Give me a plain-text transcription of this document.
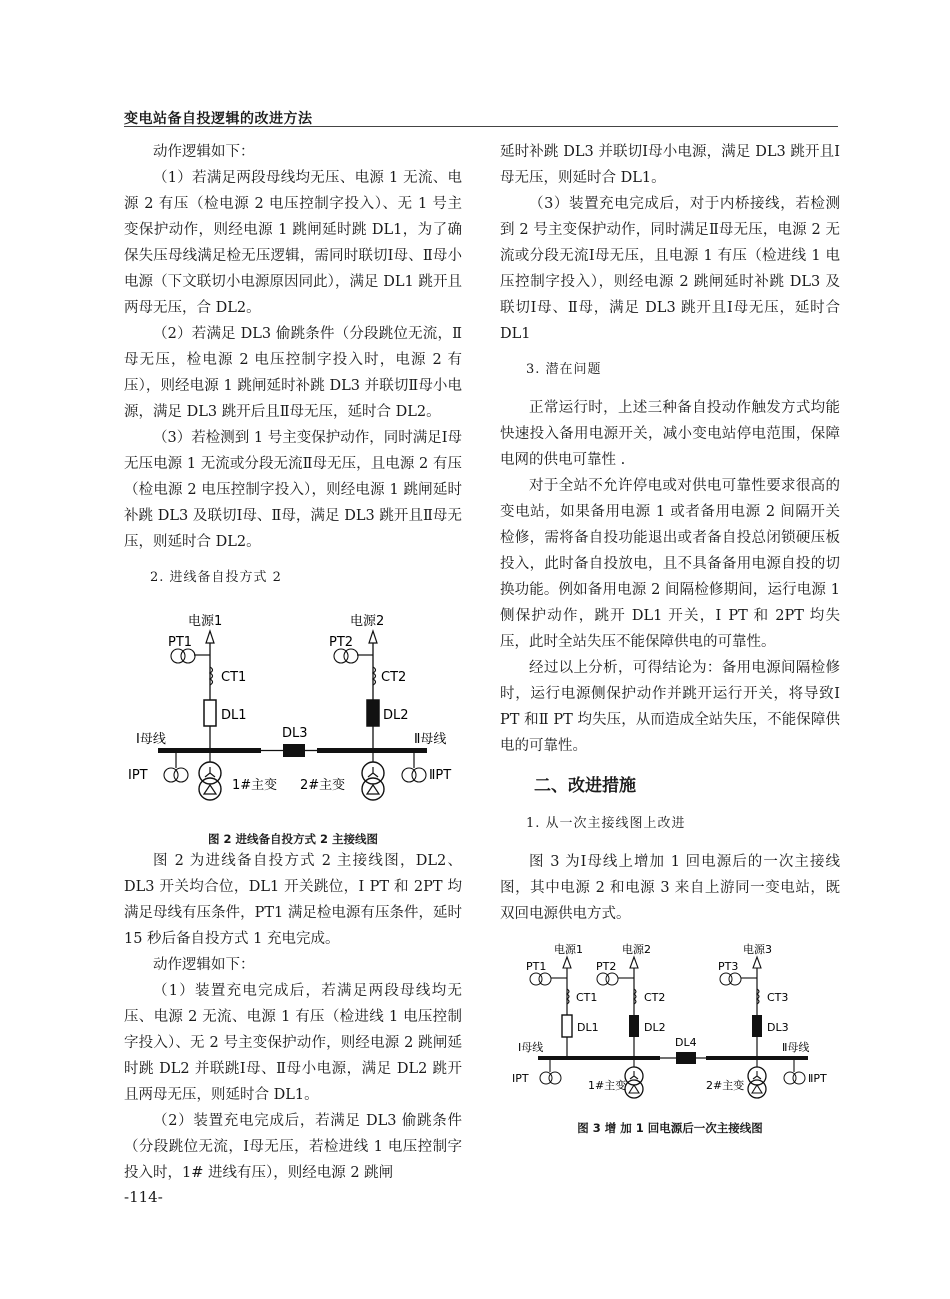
变电站备自投逻辑的改进方法

动作逻辑如下：

（1）若满足两段母线均无压、电源 1 无流、电源 2 有压（检电源 2 电压控制字投入）、无 1 号主变保护动作，则经电源 1 跳闸延时跳 DL1，为了确保失压母线满足检无压逻辑，需同时联切Ⅰ母、Ⅱ母小电源（下文联切小电源原因同此），满足 DL1 跳开且两母无压，合 DL2。

（2）若满足 DL3 偷跳条件（分段跳位无流，Ⅱ母无压，检电源 2 电压控制字投入时，电源 2 有压），则经电源 1 跳闸延时补跳 DL3 并联切Ⅱ母小电源，满足 DL3 跳开后且Ⅱ母无压，延时合 DL2。

（3）若检测到 1 号主变保护动作，同时满足Ⅰ母无压电源 1 无流或分段无流Ⅱ母无压，且电源 2 有压（检电源 2 电压控制字投入），则经电源 1 跳闸延时补跳 DL3 及联切Ⅰ母、Ⅱ母，满足 DL3 跳开且Ⅱ母无压，则延时合 DL2。

2. 进线备自投方式 2

电源1	电源2
PT1	PT2
CT1	CT2
DL1	DL2
DL3
Ⅰ母线	Ⅱ母线
ⅠPT	ⅡPT
1#主变 2#主变
图 2 进线备自投方式 2 主接线图

图 2 为进线备自投方式 2 主接线图，DL2、DL3 开关均合位，DL1 开关跳位，Ⅰ PT 和 2PT 均满足母线有压条件，PT1 满足检电源有压条件，延时 15 秒后备自投方式 1 充电完成。

动作逻辑如下：

（1）装置充电完成后，若满足两段母线均无压、电源 2 无流、电源 1 有压（检进线 1 电压控制字投入）、无 2 号主变保护动作，则经电源 2 跳闸延时跳 DL2 并联跳Ⅰ母、Ⅱ母小电源，满足 DL2 跳开且两母无压，则延时合 DL1。

（2）装置充电完成后，若满足 DL3 偷跳条件（分段跳位无流，Ⅰ母无压，若检进线 1 电压控制字投入时，1# 进线有压），则经电源 2 跳闸

延时补跳 DL3 并联切Ⅰ母小电源，满足 DL3 跳开且Ⅰ母无压，则延时合 DL1。

（3）装置充电完成后，对于内桥接线，若检测到 2 号主变保护动作，同时满足Ⅱ母无压，电源 2 无流或分段无流Ⅰ母无压，且电源 1 有压（检进线 1 电压控制字投入），则经电源 2 跳闸延时补跳 DL3 及联切Ⅰ母、Ⅱ母，满足 DL3 跳开且Ⅰ母无压，延时合 DL1

3. 潜在问题

正常运行时，上述三种备自投动作触发方式均能快速投入备用电源开关，减小变电站停电范围，保障电网的供电可靠性 .

对于全站不允许停电或对供电可靠性要求很高的变电站，如果备用电源 1 或者备用电源 2 间隔开关检修，需将备自投功能退出或者备自投总闭锁硬压板投入，此时备自投放电，且不具备备用电源自投的切换功能。例如备用电源 2 间隔检修期间，运行电源 1 侧保护动作，跳开 DL1 开关，Ⅰ PT 和 2PT 均失压，此时全站失压不能保障供电的可靠性。

经过以上分析，可得结论为：备用电源间隔检修时，运行电源侧保护动作并跳开运行开关，将导致Ⅰ PT 和Ⅱ PT 均失压，从而造成全站失压，不能保障供电的可靠性。

二、改进措施

1. 从一次主接线图上改进

图 3 为Ⅰ母线上增加 1 回电源后的一次主接线图，其中电源 2 和电源 3 来自上游同一变电站，既双回电源供电方式。

电源1	电源2	电源3
PT1	PT2	PT3
CT1	CT2	CT3
DL1	DL2	DL3
DL4
Ⅰ母线	Ⅱ母线
ⅠPT	ⅡPT
1#主变	2#主变
图 3 增 加 1 回电源后一次主接线图
-114-
